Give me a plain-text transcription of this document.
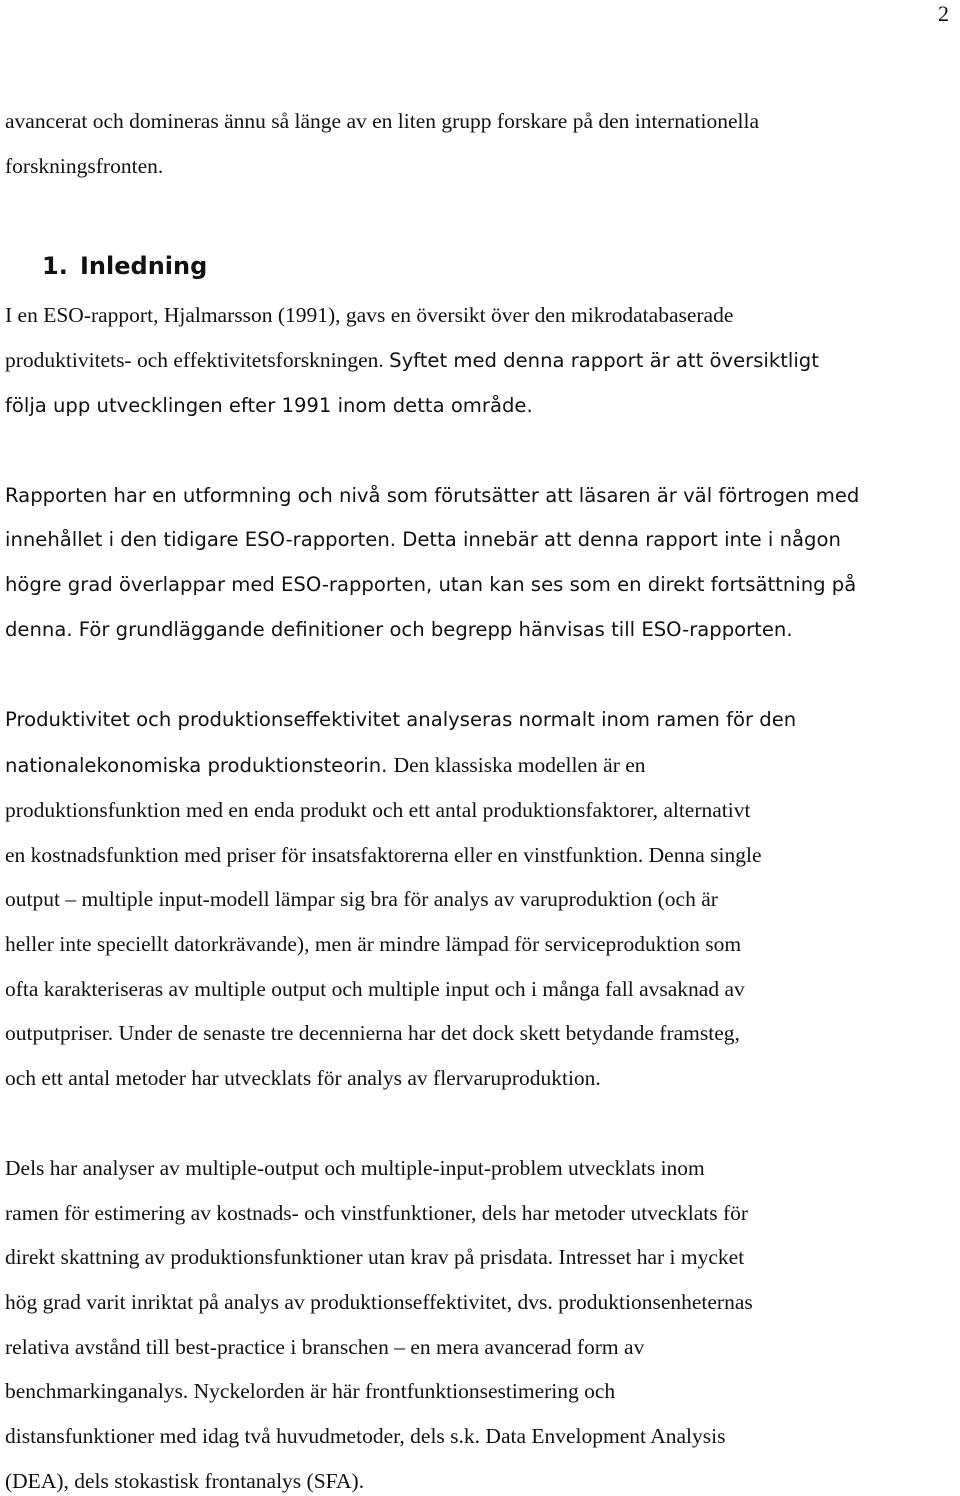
2

avancerat och domineras ännu så länge av en liten grupp forskare på den internationella

forskningsfronten.

1. Inledning

I en ESO-rapport, Hjalmarsson (1991), gavs en översikt över den mikrodatabaserade

produktivitets- och effektivitetsforskningen. Syftet med denna rapport är att översiktligt

följa upp utvecklingen efter 1991 inom detta område.

Rapporten har en utformning och nivå som förutsätter att läsaren är väl förtrogen med

innehållet i den tidigare ESO-rapporten. Detta innebär att denna rapport inte i någon

högre grad överlappar med ESO-rapporten, utan kan ses som en direkt fortsättning på

denna. För grundläggande definitioner och begrepp hänvisas till ESO-rapporten.

Produktivitet och produktionseffektivitet analyseras normalt inom ramen för den

nationalekonomiska produktionsteorin. Den klassiska modellen är en

produktionsfunktion med en enda produkt och ett antal produktionsfaktorer, alternativt

en kostnadsfunktion med priser för insatsfaktorerna eller en vinstfunktion. Denna single

output – multiple input-modell lämpar sig bra för analys av varuproduktion (och är

heller inte speciellt datorkrävande), men är mindre lämpad för serviceproduktion som

ofta karakteriseras av multiple output och multiple input och i många fall avsaknad av

outputpriser. Under de senaste tre decennierna har det dock skett betydande framsteg,

och ett antal metoder har utvecklats för analys av flervaruproduktion.

Dels har analyser av multiple-output och multiple-input-problem utvecklats inom

ramen för estimering av kostnads- och vinstfunktioner, dels har metoder utvecklats för

direkt skattning av produktionsfunktioner utan krav på prisdata. Intresset har i mycket

hög grad varit inriktat på analys av produktionseffektivitet, dvs. produktionsenheternas

relativa avstånd till best-practice i branschen – en mera avancerad form av

benchmarkinganalys. Nyckelorden är här frontfunktionsestimering och

distansfunktioner med idag två huvudmetoder, dels s.k. Data Envelopment Analysis

(DEA), dels stokastisk frontanalys (SFA).
